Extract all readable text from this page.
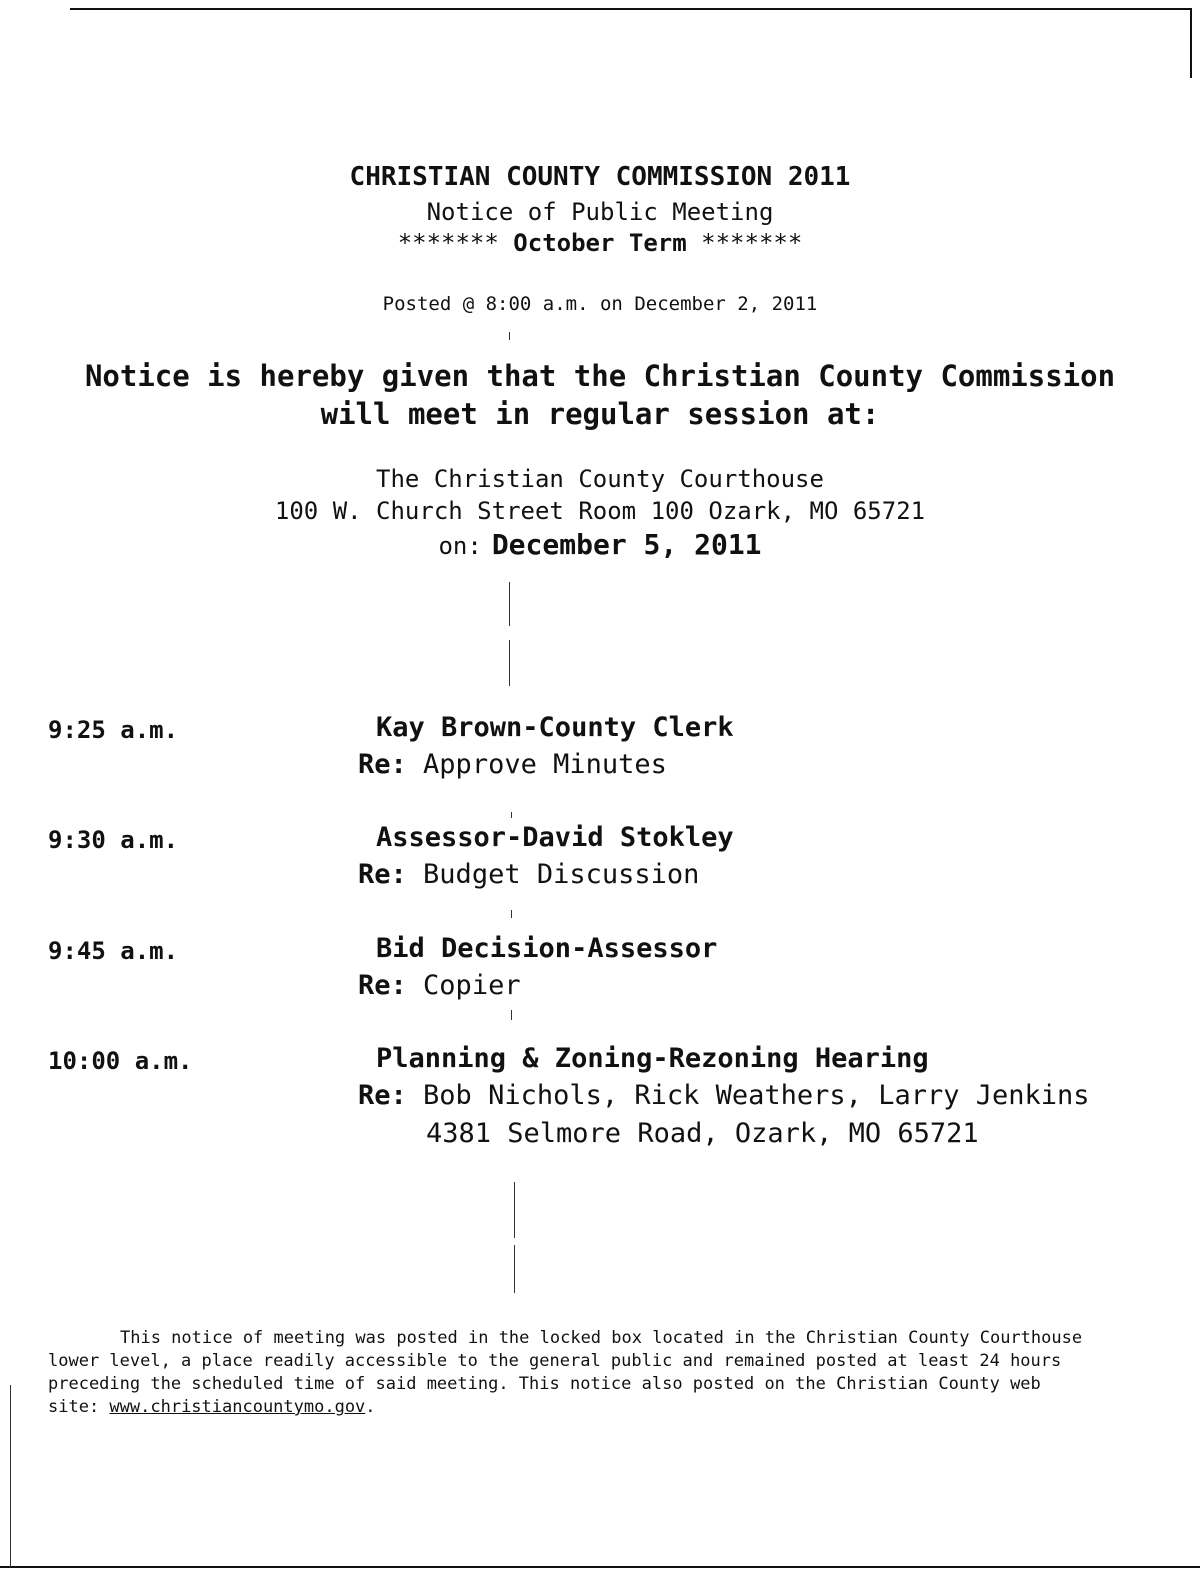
CHRISTIAN COUNTY COMMISSION 2011
Notice of Public Meeting
******* October Term *******
Posted @ 8:00 a.m. on December 2, 2011
Notice is hereby given that the Christian County Commission
will meet in regular session at:
The Christian County Courthouse
100 W. Church Street Room 100 Ozark, MO 65721
on: December 5, 2011
9:25 a.m.	Kay Brown-County Clerk
Re: Approve Minutes
9:30 a.m.	Assessor-David Stokley
Re: Budget Discussion
9:45 a.m.	Bid Decision-Assessor
Re: Copier
10:00 a.m.	Planning & Zoning-Rezoning Hearing
Re: Bob Nichols, Rick Weathers, Larry Jenkins
4381 Selmore Road, Ozark, MO 65721
This notice of meeting was posted in the locked box located in the Christian County Courthouse
lower level, a place readily accessible to the general public and remained posted at least 24 hours
preceding the scheduled time of said meeting. This notice also posted on the Christian County web
site: www.christiancountymo.gov.
